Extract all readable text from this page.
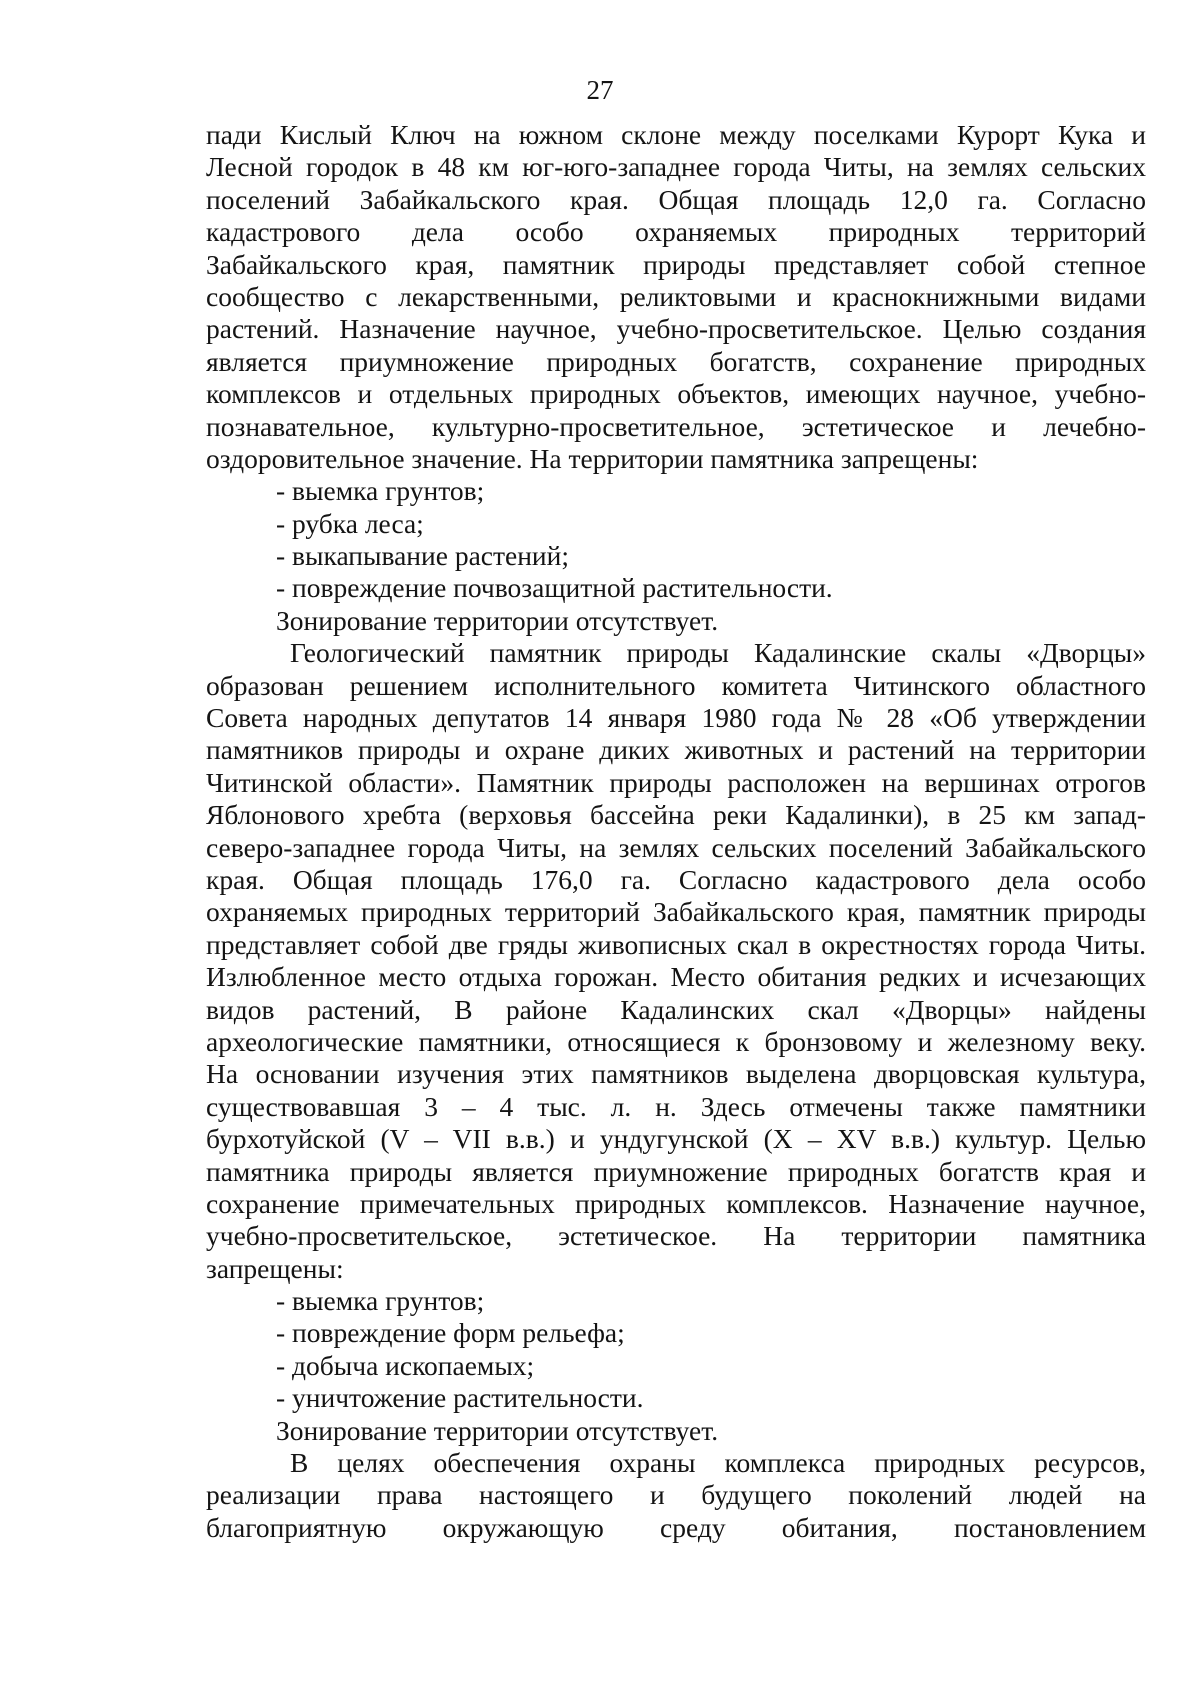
27
пади Кислый Ключ на южном склоне между поселками Курорт Кука и
Лесной городок в 48 км юг-юго-западнее города Читы, на землях сельских
поселений Забайкальского края. Общая площадь 12,0 га. Согласно
кадастрового дела особо охраняемых природных территорий
Забайкальского края, памятник природы представляет собой степное
сообщество с лекарственными, реликтовыми и краснокнижными видами
растений. Назначение научное, учебно-просветительское. Целью создания
является приумножение природных богатств, сохранение природных
комплексов и отдельных природных объектов, имеющих научное, учебно-
познавательное, культурно-просветительное, эстетическое и лечебно-
оздоровительное значение. На территории памятника запрещены:
- выемка грунтов;
- рубка леса;
- выкапывание растений;
- повреждение почвозащитной растительности.
Зонирование территории отсутствует.
Геологический памятник природы Кадалинские скалы «Дворцы»
образован решением исполнительного комитета Читинского областного
Совета народных депутатов 14 января 1980 года № 28 «Об утверждении
памятников природы и охране диких животных и растений на территории
Читинской области». Памятник природы расположен на вершинах отрогов
Яблонового хребта (верховья бассейна реки Кадалинки), в 25 км запад-
северо-западнее города Читы, на землях сельских поселений Забайкальского
края. Общая площадь 176,0 га. Согласно кадастрового дела особо
охраняемых природных территорий Забайкальского края, памятник природы
представляет собой две гряды живописных скал в окрестностях города Читы.
Излюбленное место отдыха горожан. Место обитания редких и исчезающих
видов растений, В районе Кадалинских скал «Дворцы» найдены
археологические памятники, относящиеся к бронзовому и железному веку.
На основании изучения этих памятников выделена дворцовская культура,
существовавшая 3 – 4 тыс. л. н. Здесь отмечены также памятники
бурхотуйской (V – VII в.в.) и ундугунской (X – XV в.в.) культур. Целью
памятника природы является приумножение природных богатств края и
сохранение примечательных природных комплексов. Назначение научное,
учебно-просветительское, эстетическое. На территории памятника
запрещены:
- выемка грунтов;
- повреждение форм рельефа;
- добыча ископаемых;
- уничтожение растительности.
Зонирование территории отсутствует.
В целях обеспечения охраны комплекса природных ресурсов,
реализации права настоящего и будущего поколений людей на
благоприятную окружающую среду обитания, постановлением
